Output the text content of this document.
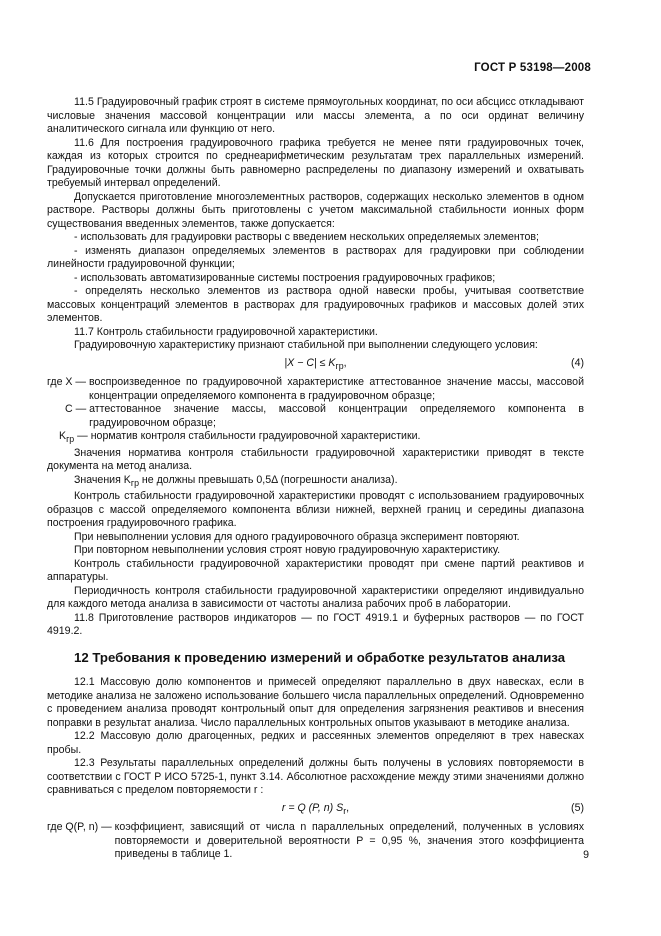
ГОСТ Р 53198—2008

11.5 Градуировочный график строят в системе прямоугольных координат, по оси абсцисс откладывают числовые значения массовой концентрации или массы элемента, а по оси ординат величину аналитического сигнала или функцию от него.

11.6 Для построения градуировочного графика требуется не менее пяти градуировочных точек, каждая из которых строится по среднеарифметическим результатам трех параллельных измерений. Градуировочные точки должны быть равномерно распределены по диапазону измерений и охватывать требуемый интервал определений.

Допускается приготовление многоэлементных растворов, содержащих несколько элементов в одном растворе. Растворы должны быть приготовлены с учетом максимальной стабильности ионных форм существования введенных элементов, также допускается:

- использовать для градуировки растворы с введением нескольких определяемых элементов;

- изменять диапазон определяемых элементов в растворах для градуировки при соблюдении линейности градуировочной функции;

- использовать автоматизированные системы построения градуировочных графиков;

- определять несколько элементов из раствора одной навески пробы, учитывая соответствие массовых концентраций элементов в растворах для градуировочных графиков и массовых долей этих элементов.

11.7 Контроль стабильности градуировочной характеристики.

Градуировочную характеристику признают стабильной при выполнении следующего условия:

$|X - C| \le K_{гр}$,	(4)
где X — воспроизведенное по градуировочной характеристике аттестованное значение массы, массовой концентрации определяемого компонента в градуировочном образце;
C — аттестованное значение массы, массовой концентрации определяемого компонента в градуировочном образце;

$K_{гр}$ — норматив контроля стабильности градуировочной характеристики.

Значения норматива контроля стабильности градуировочной характеристики приводят в тексте документа на метод анализа.

Значения $K_{гр}$ не должны превышать 0,5Δ (погрешности анализа).

Контроль стабильности градуировочной характеристики проводят с использованием градуировочных образцов с массой определяемого компонента вблизи нижней, верхней границ и середины диапазона построения градуировочного графика.

При невыполнении условия для одного градуировочного образца эксперимент повторяют.

При повторном невыполнении условия строят новую градуировочную характеристику.

Контроль стабильности градуировочной характеристики проводят при смене партий реактивов и аппаратуры.

Периодичность контроля стабильности градуировочной характеристики определяют индивидуально для каждого метода анализа в зависимости от частоты анализа рабочих проб в лаборатории.

11.8 Приготовление растворов индикаторов — по ГОСТ 4919.1 и буферных растворов — по ГОСТ 4919.2.

12 Требования к проведению измерений и обработке результатов анализа

12.1 Массовую долю компонентов и примесей определяют параллельно в двух навесках, если в методике анализа не заложено использование большего числа параллельных определений. Одновременно с проведением анализа проводят контрольный опыт для определения загрязнения реактивов и внесения поправки в результат анализа. Число параллельных контрольных опытов указывают в методике анализа.

12.2 Массовую долю драгоценных, редких и рассеянных элементов определяют в трех навесках пробы.

12.3 Результаты параллельных определений должны быть получены в условиях повторяемости в соответствии с ГОСТ Р ИСО 5725-1, пункт 3.14. Абсолютное расхождение между этими значениями должно сравниваться с пределом повторяемости r :

r = Q (P, n) $S_r$,	(5)
где Q(P, n) — коэффициент, зависящий от числа n параллельных определений, полученных в условиях повторяемости и доверительной вероятности P = 0,95 %, значения этого коэффициента приведены в таблице 1.	9
